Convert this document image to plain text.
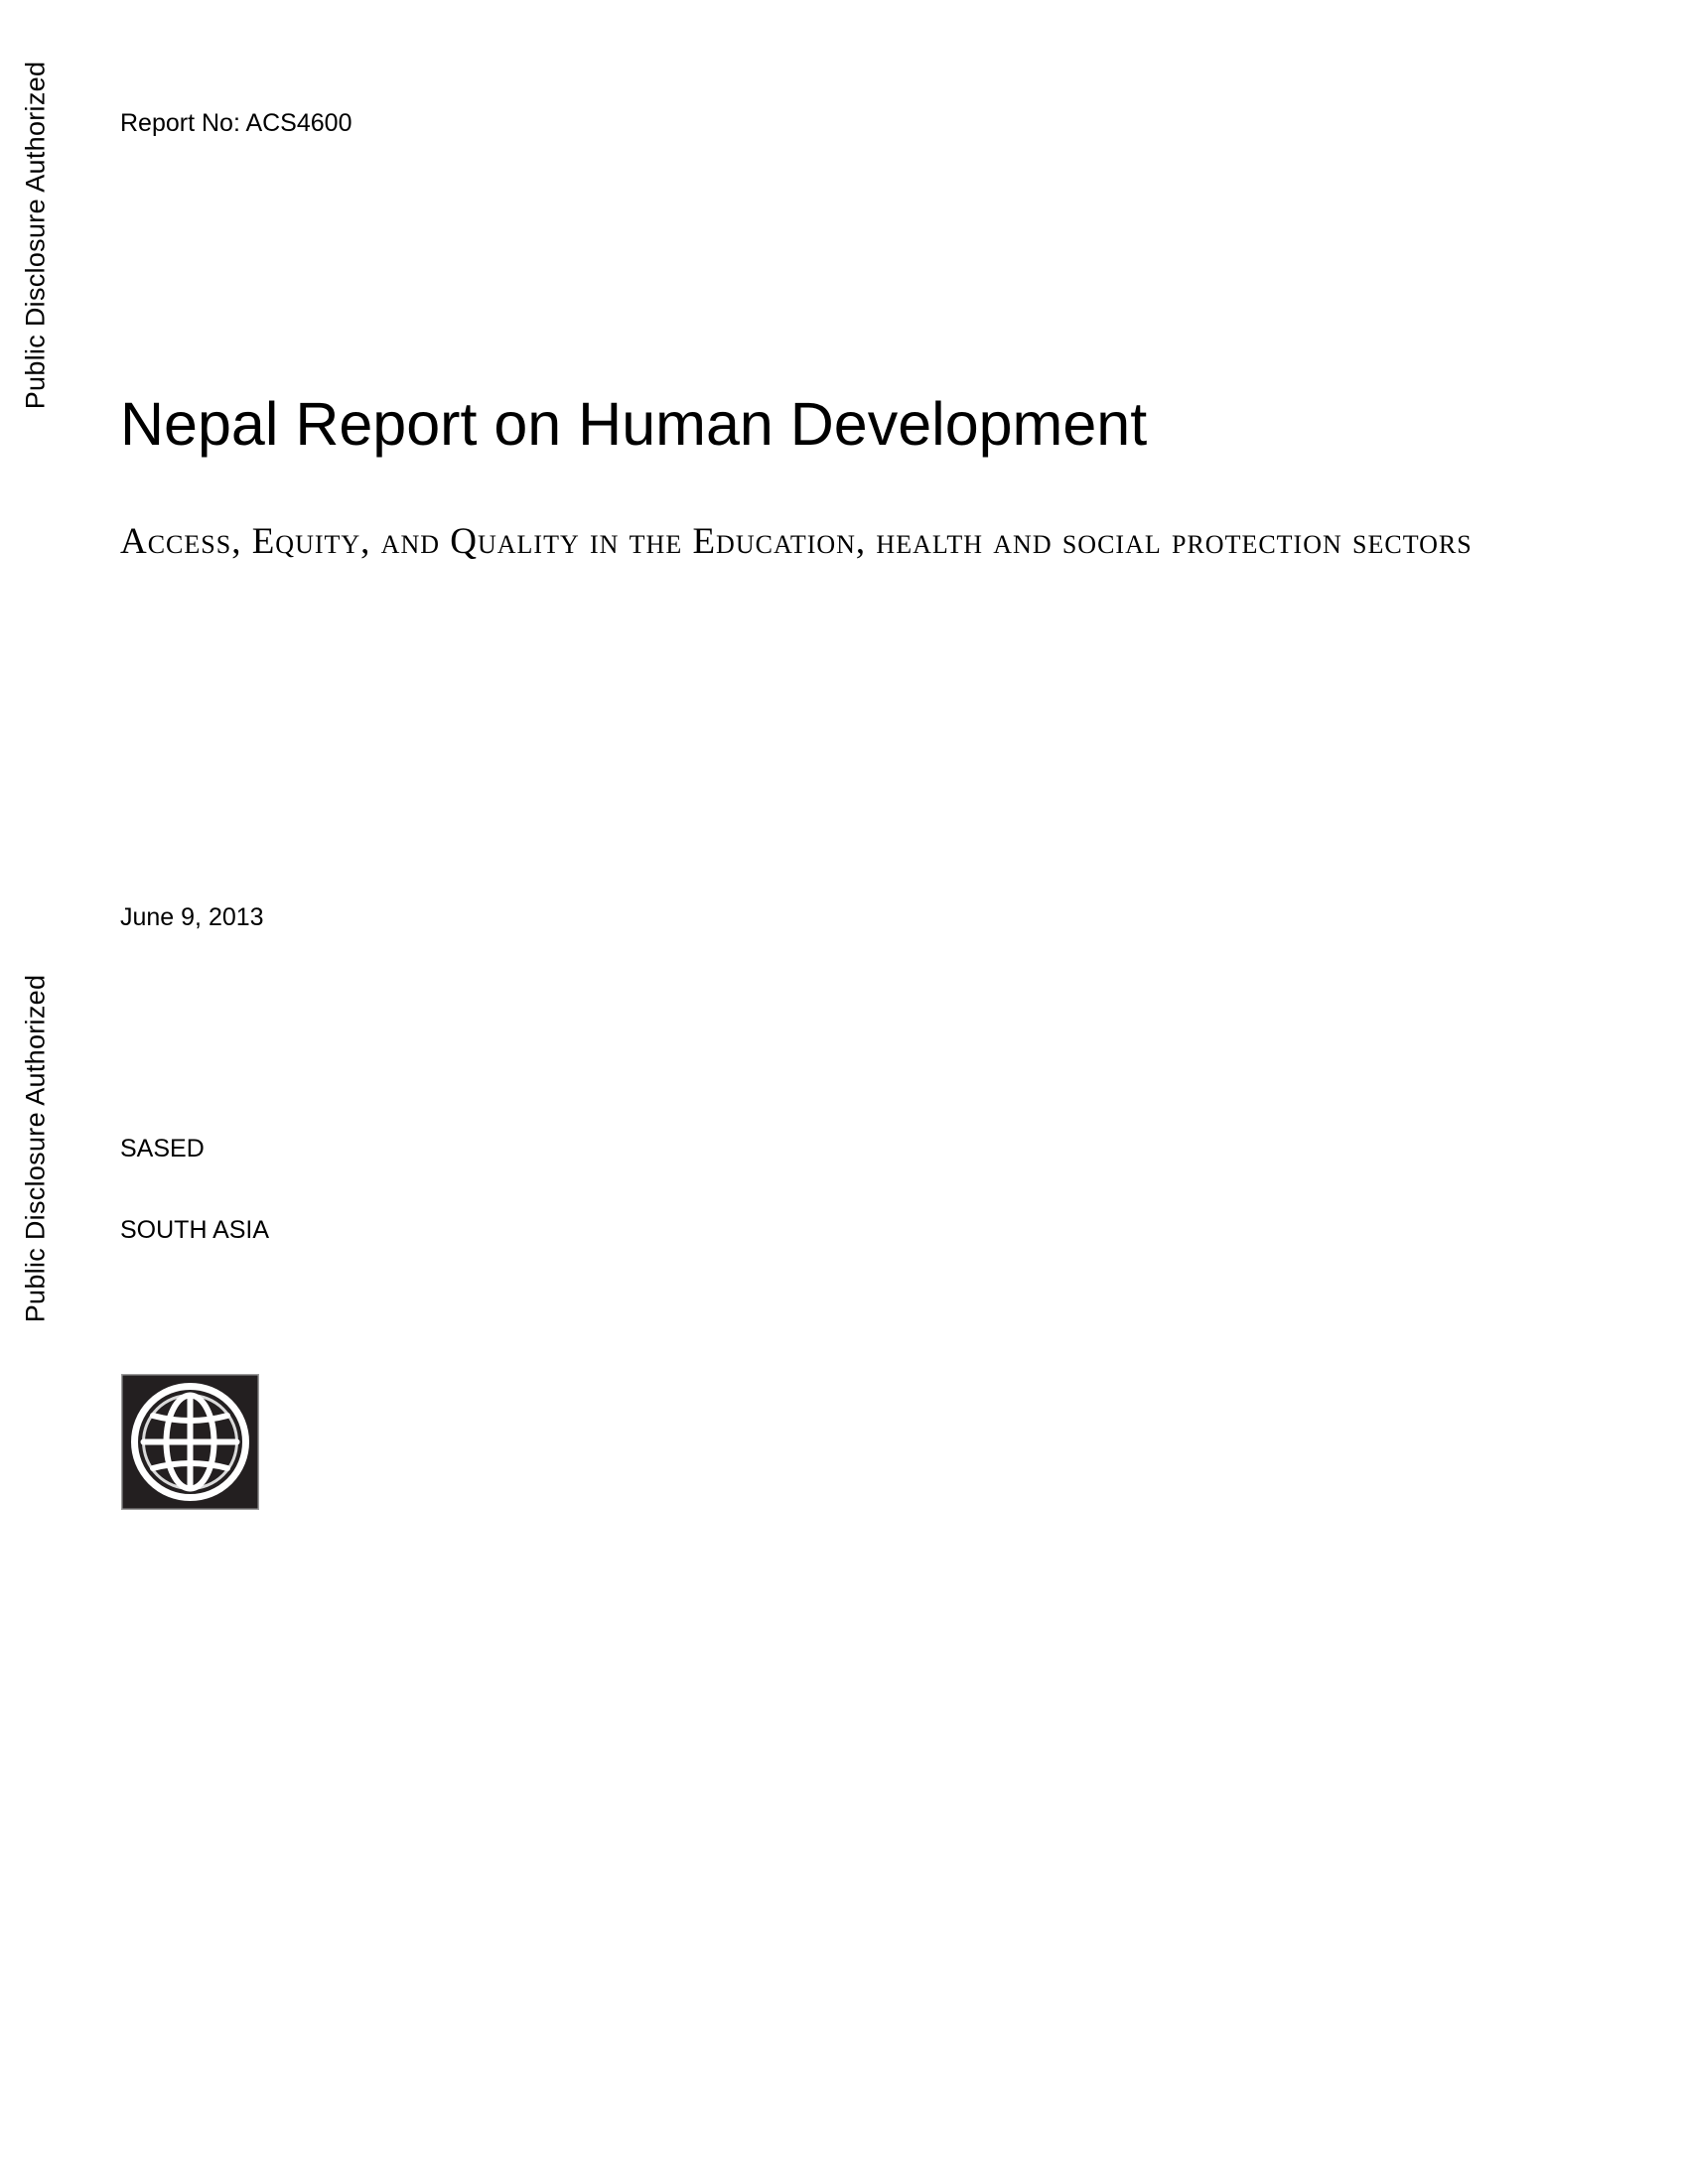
Public Disclosure Authorized
Public Disclosure Authorized
Report No: ACS4600
Nepal Report on Human Development
Access, Equity, and Quality in the Education, health and social protection sectors
June 9, 2013
SASED
SOUTH ASIA
